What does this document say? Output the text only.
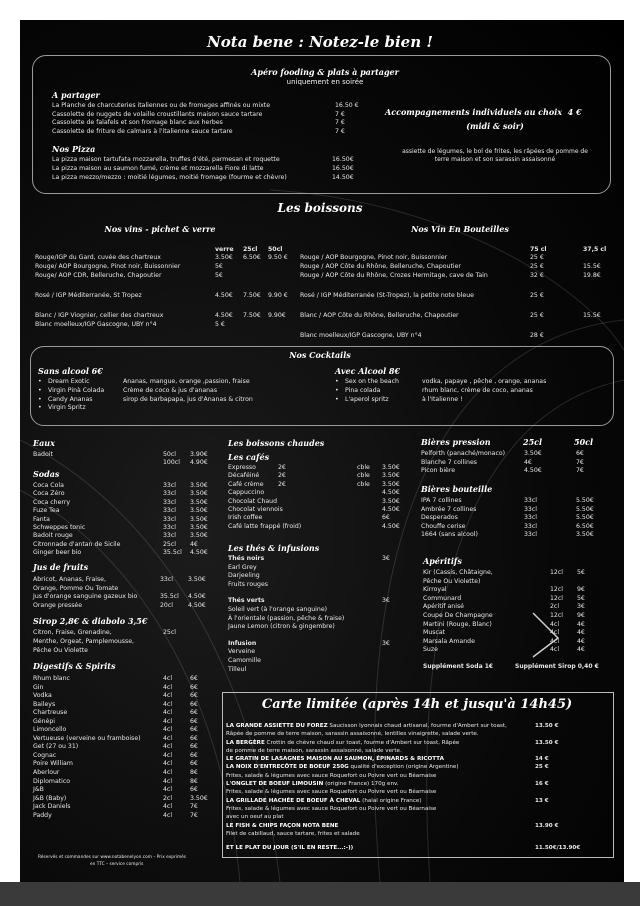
Nota bene : Notez-le bien !
Apéro fooding & plats à partager
uniquement en soirée
A partager
La Planche de charcuteries italiennes ou de fromages affinés ou mixte	16.50 €
Cassolette de nuggets de volaille croustillants maison sauce tartare	7 €
Cassolette de falafels et son fromage blanc aux herbes	7 €
Cassolette de friture de calmars à l'italienne sauce tartare	7 €
Nos Pizza
La pizza maison tartufata mozzarella, truffes d'été, parmesan et roquette	16.50€
La pizza maison au saumon fumé, crème et mozzarella Fiore di latte	16.50€
La pizza mezzo/mezzo : moitié légumes, moitié fromage (fourme et chèvre)	14.50€
Accompagnements individuels au choix 4 €
(midi & soir)
assiette de légumes, le bol de frites, les râpées de pomme de
terre maison et son sarassin assaisonné
Les boissons
Nos vins - pichet & verre	Nos Vin En Bouteilles
verre 25cl 50cl
Rouge/IGP du Gard, cuvée des chartreux	3.50€ 6.50€ 9.50 €
Rouge/ AOP Bourgogne, Pinot noir, Buissonnier	5€
Rouge/ AOP CDR, Belleruche, Chapoutier	5€
Rosé / IGP Méditerranée, St Tropez	4.50€ 7.50€ 9.90 €
Blanc / IGP Viognier, cellier des chartreux	4.50€ 7.50€ 9.90€
Blanc moelleux/IGP Gascogne, UBY n°4	5 €
75 cl	37,5 cl
Rouge / AOP Bourgogne, Pinot noir, Buissonnier	25 €
Rouge / AOP Côte du Rhône, Belleruche, Chapoutier	25 €	15.5€
Rouge / AOP Côte du Rhône, Crozes Hermitage, cave de Tain	32 €	19.8€
Rosé / IGP Méditerranée (St-Tropez), la petite note bleue	25 €
Blanc / AOP Côte du Rhône, Belleruche, Chapoutier	25 €	15.5€
Blanc moelleux/IGP Gascogne, UBY n°4	28 €
Nos Cocktails
Sans alcool 6€
• Dream Exotic	Ananas, mangue, orange ,passion, fraise
• Virgin Pinà Colada	Crème de coco & jus d'ananas
• Candy Ananas	sirop de barbapapa, jus d'Ananas & citron
• Virgin Spritz
Avec Alcool 8€
• Sex on the beach	vodka, papaye , pêche , orange, ananas
• Pina colada	rhum blanc, crème de coco, ananas
• L'aperol spritz	à l'Italienne !
Eaux
Badoit	50cl 3.90€
100cl 4.90€
Sodas
Coca Cola	33cl 3.50€
Coca Zéro	33cl 3.50€
Coca cherry	33cl 3.50€
Fuze Tea	33cl 3.50€
Fanta	33cl 3.50€
Schweppes tonic	33cl 3.50€
Badoit rouge	33cl 3.50€
Citronnade d'antan de Sicile	25cl 4€
Ginger beer bio	35.5cl 4.50€
Jus de fruits
Abricot, Ananas, Fraise,	33cl 3.50€
Orange, Pomme Ou Tomate
Jus d'orange sanguine gazeux bio	35.5cl 4.50€
Orange pressée	20cl 4.50€
Sirop 2,8€ & diabolo 3,5€
Citron, Fraise, Grenadine,	25cl
Menthe, Orgeat, Pamplemousse,
Pêche Ou Violette
Digestifs & Spirits
Rhum blanc	4cl	6€
Gin	4cl	6€
Vodka	4cl	6€
Baileys	4cl	6€
Chartreuse	4cl	6€
Génépi	4cl	6€
Limoncello	4cl	6€
Vertueuse (verveine ou framboise)	4cl	6€
Get (27 ou 31)	4cl	6€
Cognac	4cl	6€
Poire William	4cl	6€
Aberlour	4cl	8€
Diplomatico	4cl	8€
J&B	4cl	6€
J&B (Baby)	2cl	3.50€
Jack Daniels	4cl	7€
Paddy	4cl	7€
Les boissons chaudes
Les cafés
Expresso	2€	cble 3.50€
Décaféiné	2€	cble 3.50€
Café crème 2€	cble 3.50€
Cappuccino	4.50€
Chocolat Chaud	3.50€
Chocolat viennois	4.50€
Irish coffee	6€
Café latte frappé (froid)	4.50€
Les thés & infusions
Thés noirs	3€
Earl Grey
Darjeeling
Fruits rouges
Thés verts	3€
Soleil vert (à l'orange sanguine)
À l'orientale (passion, pêche & fraise)
Jaune Lemon (citron & gingembre)
Infusion	3€
Verveine
Camomille
Tilleul
Bières pression	25cl	50cl
Pelforth (panaché/monaco)	3.50€	6€
Blanche 7 collines	4€	7€
Picon bière	4.50€	7€
Bières bouteille
IPA 7 collines	33cl	5.50€
Ambrée 7 collines	33cl	5.50€
Desperados	33cl	5.50€
Chouffe cerise	33cl	6.50€
1664 (sans alcool)	33cl	3.50€
Apéritifs
Kir (Cassis, Châtaigne,	12cl 5€
Pêche Ou Violette)
Kirroyal	12cl 9€
Communard	12cl 5€
Apéritif anisé	2cl	3€
Coupe De Champagne	12cl 9€
Martini (Rouge, Blanc)	4cl	4€
Muscat	4cl	4€
Marsala Amande	4cl	4€
Suze	4cl	4€
Supplément Soda 1€	Supplément Sirop 0,40 €
Carte limitée (après 14h et jusqu'à 14h45)
LA GRANDE ASSIETTE DU FOREZ Saucisson lyonnais chaud artisanal, fourme d'Ambert sur toast,	13.50 €
Râpée de pomme de terre maison, sarassin assaisonné, lentilles vinaigrette, salade verte.
LA BERGÈRE Crottin de chèvre chaud sur toast, fourme d'Ambert sur toast, Râpée	13.50 €
de pomme de terre maison, sarassin assaisonné, salade verte.
LE GRATIN DE LASAGNES MAISON AU SAUMON, ÉPINARDS & RICOTTA	14 €
LA NOIX D'ENTRECÔTE DE BOEUF 250G qualité d'exception (origine Argentine)	25 €
Frites, salade & légumes avec sauce Roquefort ou Poivre vert ou Béarnaise
L'ONGLET DE BOEUF LIMOUSIN (origine France) 170g env.	16 €
Frites, salade & légumes avec sauce Roquefort ou Poivre vert ou Béarnaise
LA GRILLADE HACHÉE DE BOEUF À CHEVAL (halal origine France)	13 €
Frites, salade & légumes avec sauce Roquefort ou Poivre vert ou Béarnaise
avec un oeuf au plat
LE FISH & CHIPS FAÇON NOTA BENE	13.90 €
Filet de cabillaud, sauce tartare, frites et salade
ET LE PLAT DU JOUR (S'IL EN RESTE...:-))	11.50€/13.90€
Réservés et commandes sur www.notabenelyon.com – Prix exprimés
en TTC – service compris
